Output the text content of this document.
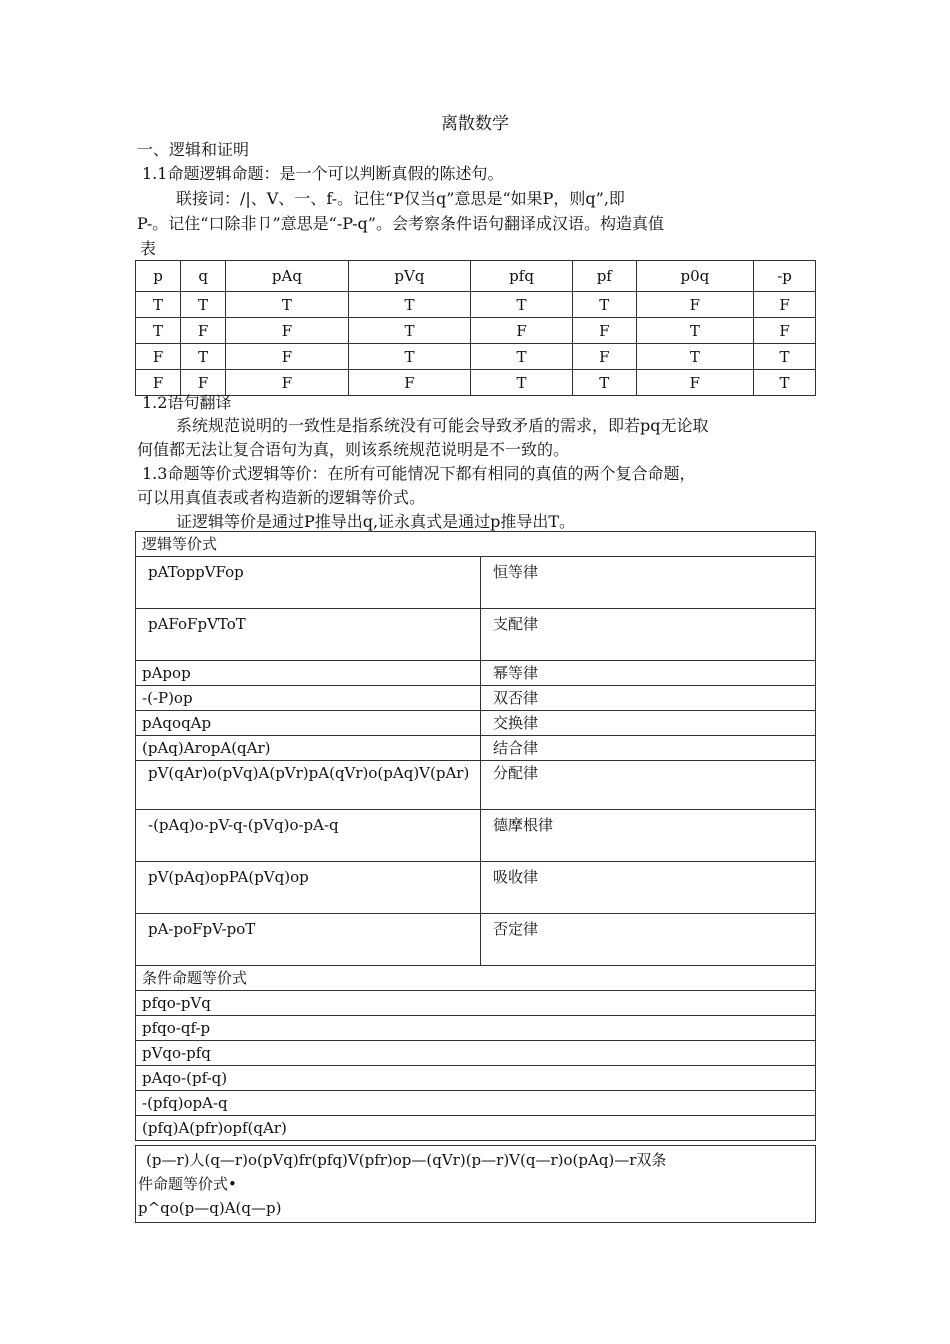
离散数学
一、逻辑和证明
1.1命题逻辑命题：是一个可以判断真假的陈述句。
联接词：∕|、V、一、f-。记住“P仅当q”意思是“如果P，则q”,即
P-。记住“口除非卩”意思是“-P-q”。会考察条件语句翻译成汉语。构造真值
表
p	q	pAq	pVq	pfq	pf	p0q	-p
T	T	T	T	T	T	F	F
T	F	F	T	F	F	T	F
F	T	F	T	T	F	T	T
F	F	F	F	T	T	F	T
1.2语句翻译
系统规范说明的一致性是指系统没有可能会导致矛盾的需求，即若pq无论取
何值都无法让复合语句为真，则该系统规范说明是不一致的。
1.3命题等价式逻辑等价：在所有可能情况下都有相同的真值的两个复合命题，
可以用真值表或者构造新的逻辑等价式。
证逻辑等价是通过P推导出q,证永真式是通过p推导出T。
逻辑等价式	
pAToppVFop	恒等律
pAFoFpVToT	支配律
pApop	幂等律
-(-P)op	双否律
pAqoqAp	交换律
(pAq)AropA(qAr)	结合律
pV(qAr)o(pVq)A(pVr)pA(qVr)o(pAq)V(pAr)	分配律
-(pAq)o-pV-q-(pVq)o-pA-q	德摩根律
pV(pAq)opPA(pVq)op	吸收律
pA-poFpV-poT	否定律
条件命题等价式	
pfqo-pVq	
pfqo-qf-p	
pVqo-pfq	
pAqo-(pf-q)	
-(pfq)opA-q	
(pfq)A(pfr)opf(qAr)	
(p—r)人(q—r)o(pVq)fr(pfq)V(pfr)op—(qVr)(p—r)V(q—r)o(pAq)—r双条
件命题等价式•
p^qo(p—q)A(q—p)
